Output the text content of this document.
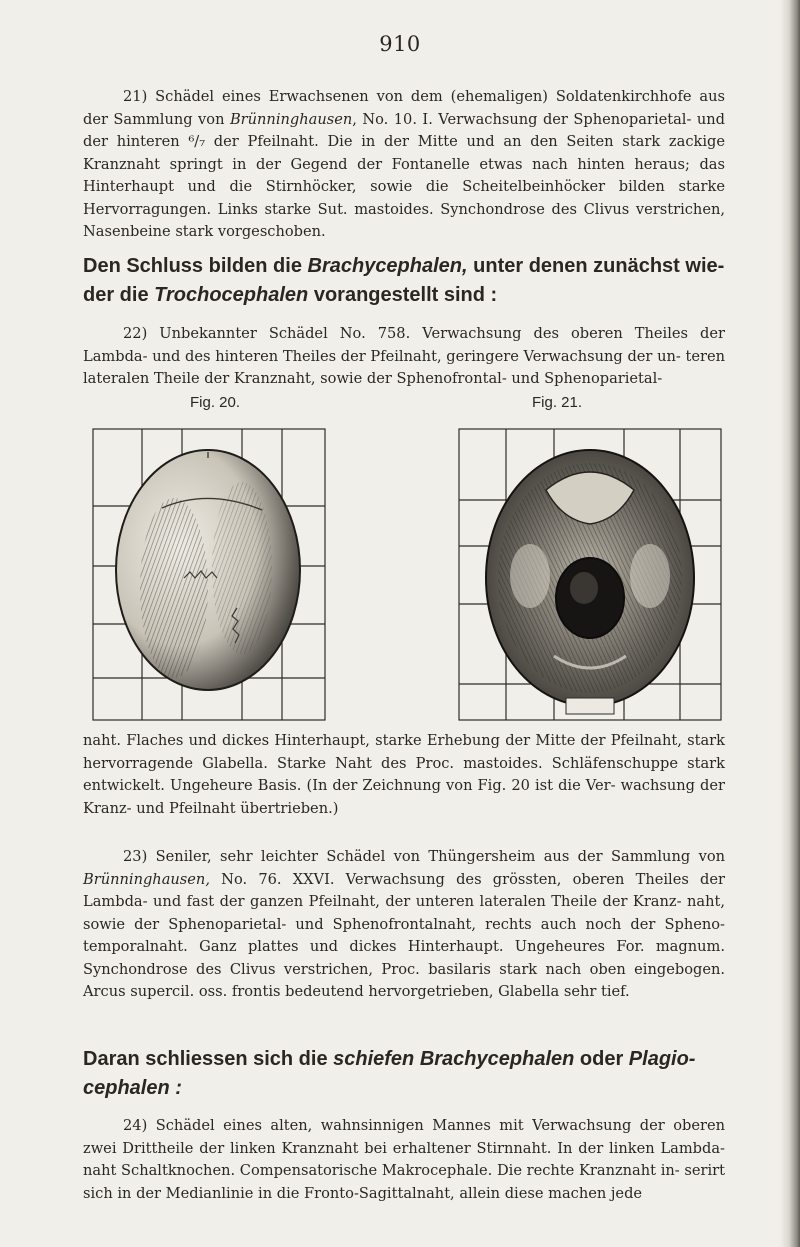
910

21) Schädel eines Erwachsenen von dem (ehemaligen) Soldatenkirchhofe aus der Sammlung von Brünninghausen, No. 10. I. Verwachsung der Sphenoparietal- und der hinteren ⁶/₇ der Pfeilnaht. Die in der Mitte und an den Seiten stark zackige Kranznaht springt in der Gegend der Fontanelle etwas nach hinten heraus; das Hinterhaupt und die Stirnhöcker, sowie die Scheitelbeinhöcker bilden starke Hervorragungen. Links starke Sut. mastoides. Synchondrose des Clivus verstrichen, Nasenbeine stark vorgeschoben.

Den Schluss bilden die Brachycephalen, unter denen zunächst wie- der die Trochocephalen vorangestellt sind :

22) Unbekannter Schädel No. 758. Verwachsung des oberen Theiles der Lambda- und des hinteren Theiles der Pfeilnaht, geringere Verwachsung der un- teren lateralen Theile der Kranznaht, sowie der Sphenofrontal- und Sphenoparietal-

Fig. 20.	Fig. 21.

naht. Flaches und dickes Hinterhaupt, starke Erhebung der Mitte der Pfeilnaht, stark hervorragende Glabella. Starke Naht des Proc. mastoides. Schläfenschuppe stark entwickelt. Ungeheure Basis. (In der Zeichnung von Fig. 20 ist die Ver- wachsung der Kranz- und Pfeilnaht übertrieben.)

23) Seniler, sehr leichter Schädel von Thüngersheim aus der Sammlung von Brünninghausen, No. 76. XXVI. Verwachsung des grössten, oberen Theiles der Lambda- und fast der ganzen Pfeilnaht, der unteren lateralen Theile der Kranz- naht, sowie der Sphenoparietal- und Sphenofrontalnaht, rechts auch noch der Spheno- temporalnaht. Ganz plattes und dickes Hinterhaupt. Ungeheures For. magnum. Synchondrose des Clivus verstrichen, Proc. basilaris stark nach oben eingebogen. Arcus supercil. oss. frontis bedeutend hervorgetrieben, Glabella sehr tief.

Daran schliessen sich die schiefen Brachycephalen oder Plagio- cephalen :

24) Schädel eines alten, wahnsinnigen Mannes mit Verwachsung der oberen zwei Drittheile der linken Kranznaht bei erhaltener Stirnnaht. In der linken Lambda- naht Schaltknochen. Compensatorische Makrocephale. Die rechte Kranznaht in- serirt sich in der Medianlinie in die Fronto-Sagittalnaht, allein diese machen jede
